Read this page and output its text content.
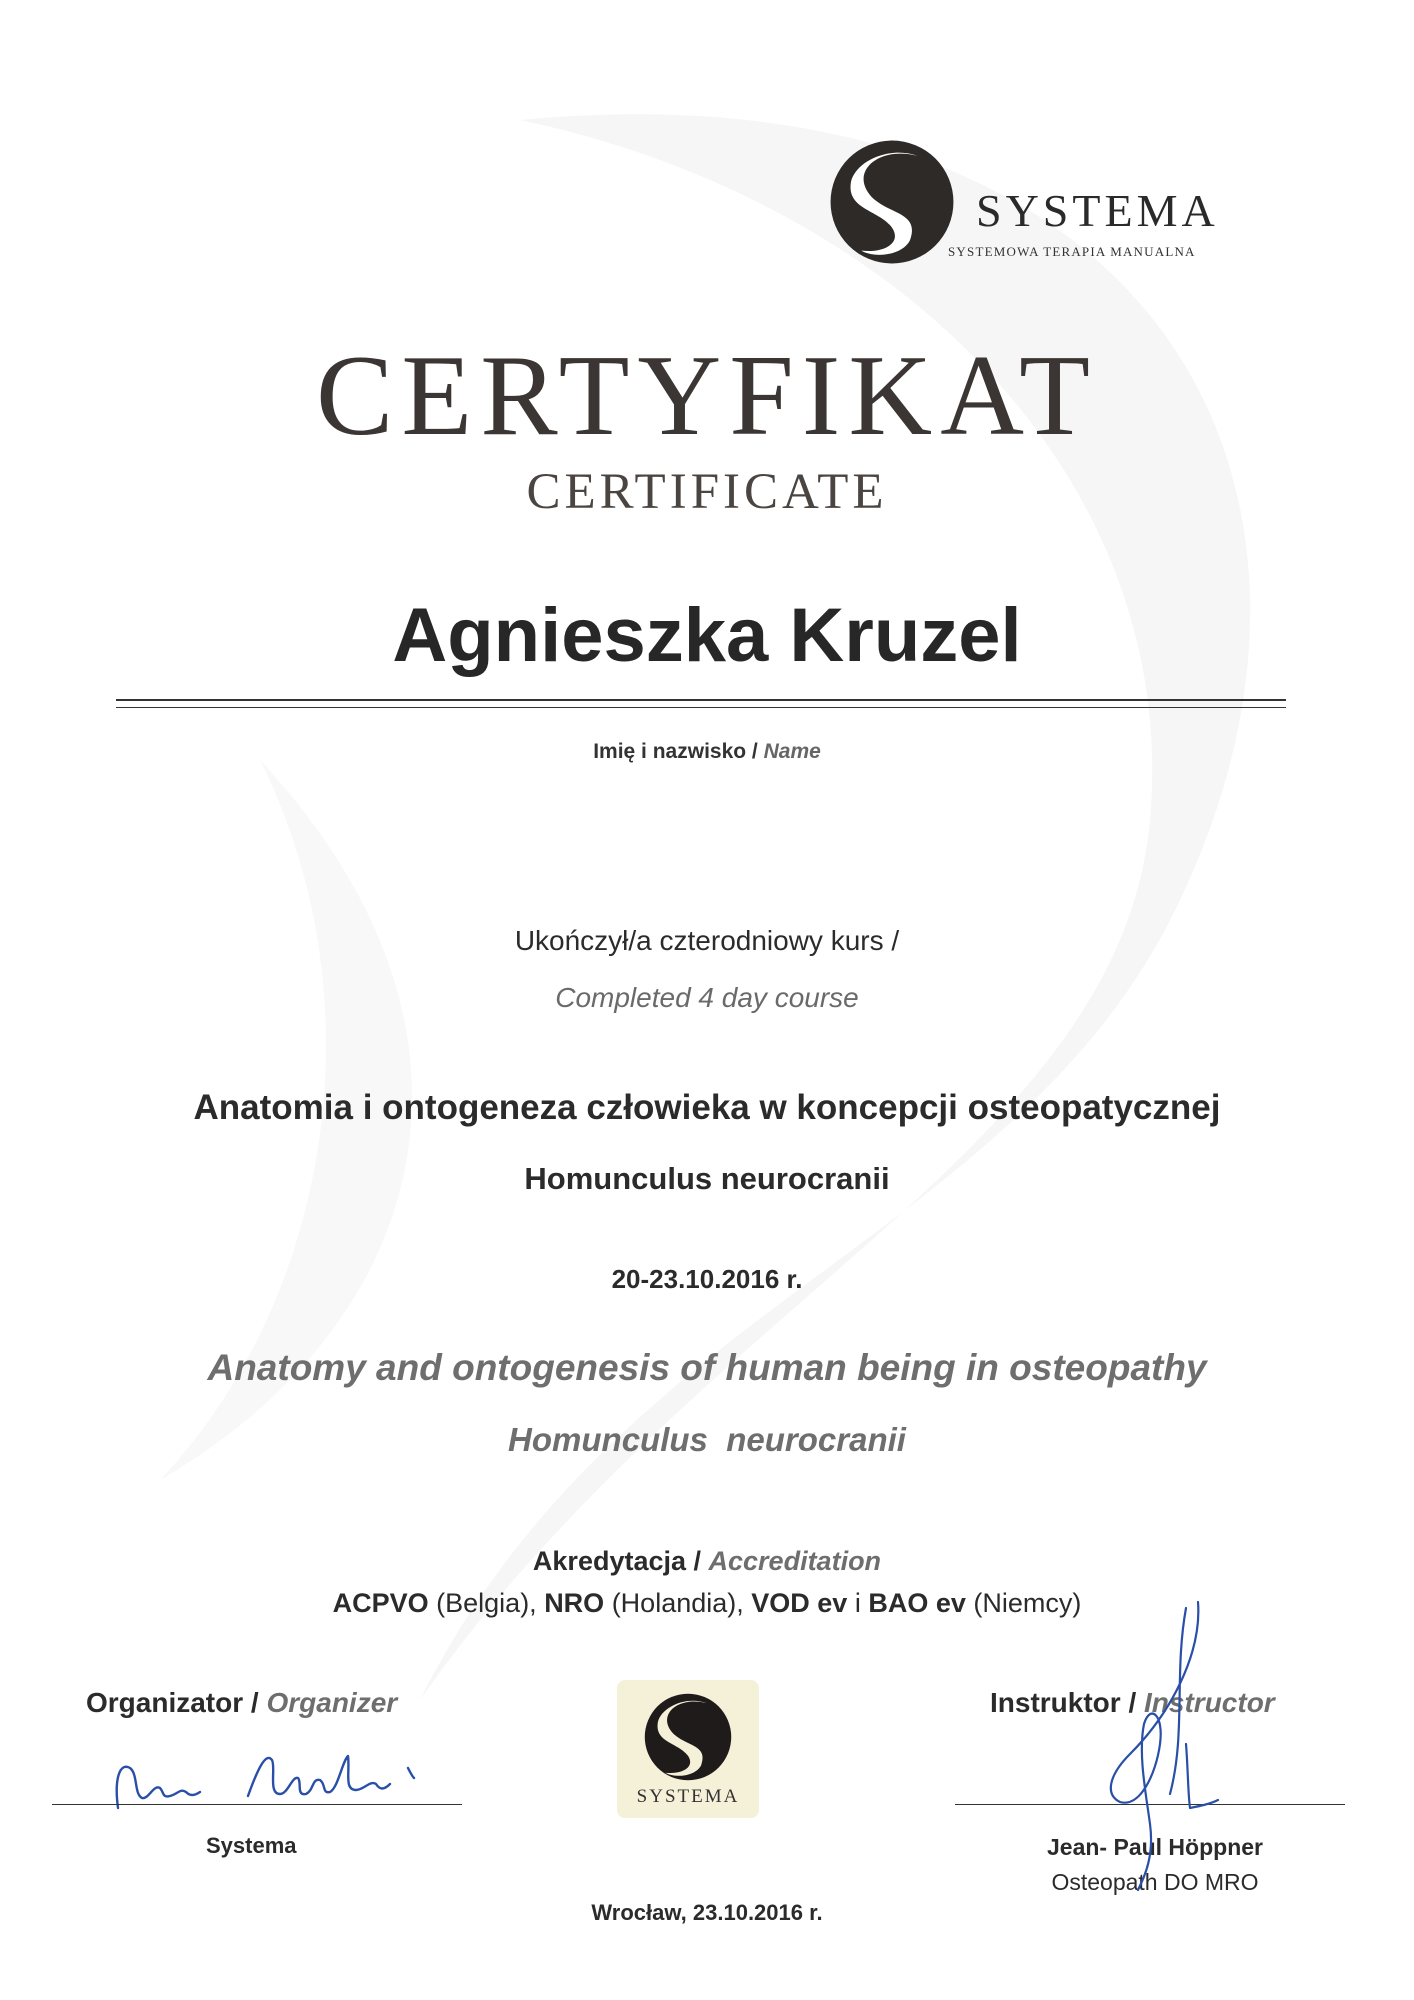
SYSTEMA
SYSTEMOWA TERAPIA MANUALNA
CERTYFIKAT
CERTIFICATE
Agnieszka Kruzel
Imię i nazwisko / Name
Ukończył/a czterodniowy kurs /
Completed 4 day course
Anatomia i ontogeneza człowieka w koncepcji osteopatycznej
Homunculus neurocranii
20-23.10.2016 r.
Anatomy and ontogenesis of human being in osteopathy
Homunculus  neurocranii
Akredytacja / Accreditation
ACPVO (Belgia), NRO (Holandia), VOD ev i BAO ev (Niemcy)
Organizator / Organizer
Systema
SYSTEMA
Instruktor / Instructor
Jean- Paul Höppner
Osteopath DO MRO
Wrocław, 23.10.2016 r.
